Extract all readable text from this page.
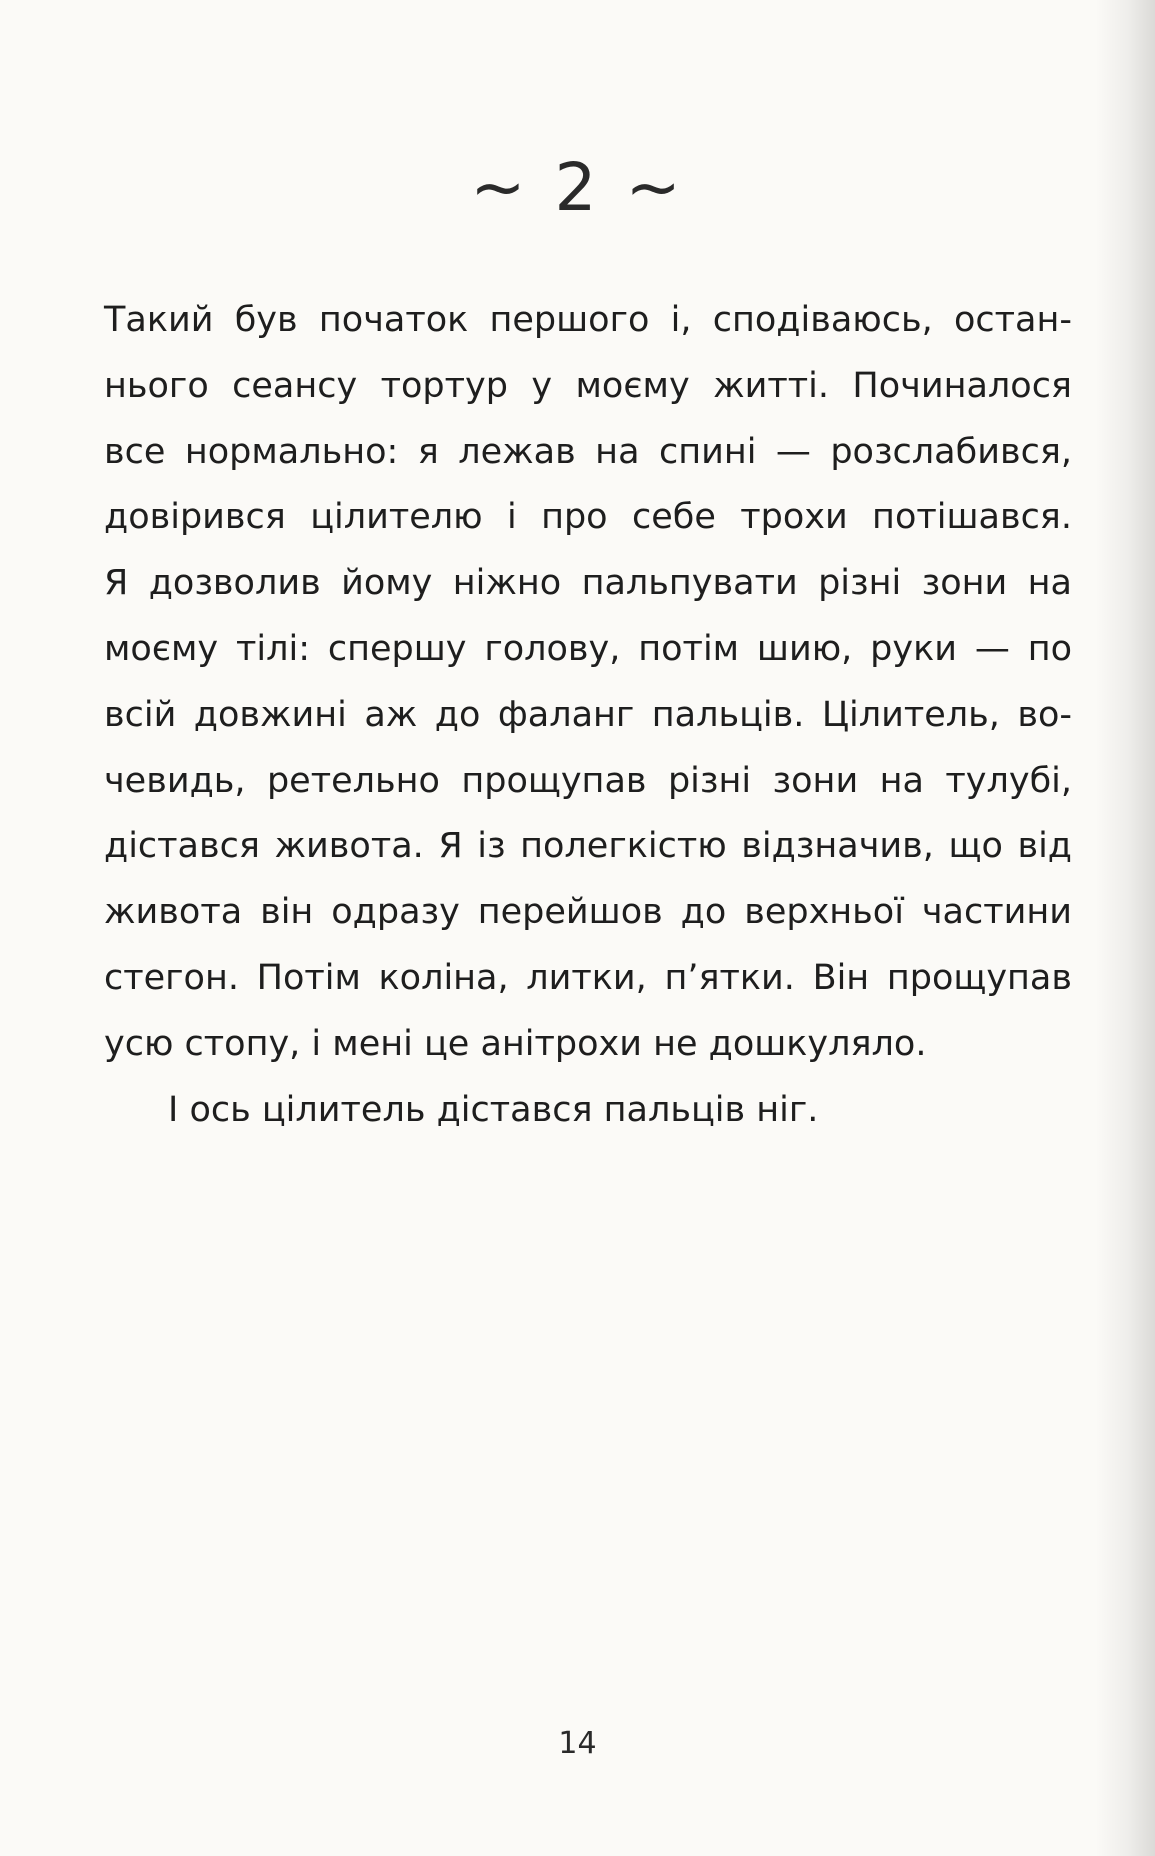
~ 2 ~
Такий був початок першого і, сподіваюсь, остан-
нього сеансу тортур у моєму житті. Починалося
все нормально: я лежав на спині — розслабився,
довірився цілителю і про себе трохи потішався.
Я дозволив йому ніжно пальпувати різні зони на
моєму тілі: спершу голову, потім шию, руки — по
всій довжині аж до фаланг пальців. Цілитель, во-
чевидь, ретельно прощупав різні зони на тулубі,
дістався живота. Я із полегкістю відзначив, що від
живота він одразу перейшов до верхньої частини
стегон. Потім коліна, литки, п’ятки. Він прощупав
усю стопу, і мені це анітрохи не дошкуляло.
І ось цілитель дістався пальців ніг.
14
